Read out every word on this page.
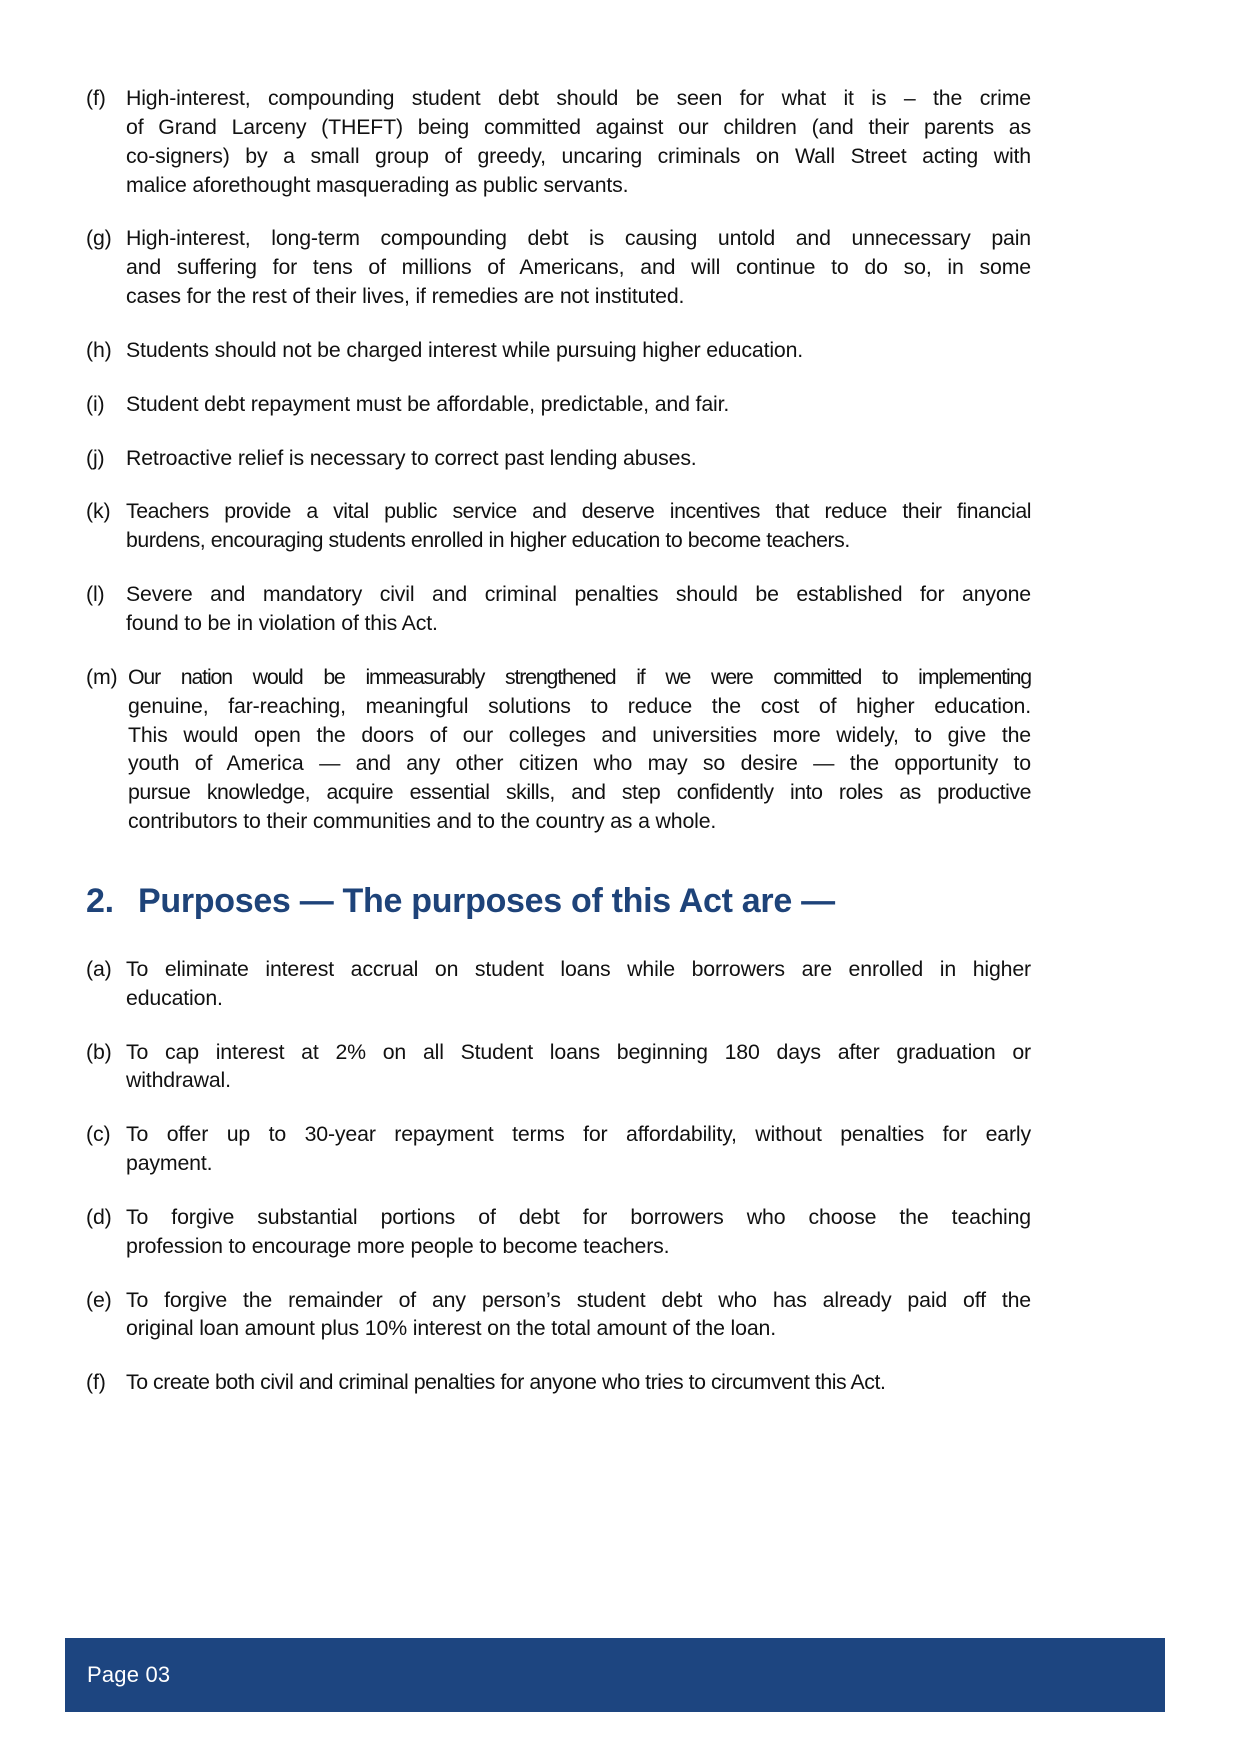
(f) High-interest, compounding student debt should be seen for what it is – the crime
of Grand Larceny (THEFT) being committed against our children (and their parents as
co-signers) by a small group of greedy, uncaring criminals on Wall Street acting with
malice aforethought masquerading as public servants.
(g) High-interest, long-term compounding debt is causing untold and unnecessary pain
and suffering for tens of millions of Americans, and will continue to do so, in some
cases for the rest of their lives, if remedies are not instituted.
(h) Students should not be charged interest while pursuing higher education.
(i)	Student debt repayment must be affordable, predictable, and fair.
(j)	Retroactive relief is necessary to correct past lending abuses.
(k) Teachers provide a vital public service and deserve incentives that reduce their financial
burdens, encouraging students enrolled in higher education to become teachers.
(l)	Severe and mandatory civil and criminal penalties should be established for anyone
found to be in violation of this Act.
(m) Our nation would be immeasurably strengthened if we were committed to implementing
genuine, far-reaching, meaningful solutions to reduce the cost of higher education.
This would open the doors of our colleges and universities more widely, to give the
youth of America — and any other citizen who may so desire — the opportunity to
pursue knowledge, acquire essential skills, and step confidently into roles as productive
contributors to their communities and to the country as a whole.
2. Purposes — The purposes of this Act are —
(a) To eliminate interest accrual on student loans while borrowers are enrolled in higher
education.
(b) To cap interest at 2% on all Student loans beginning 180 days after graduation or
withdrawal.
(c) To offer up to 30-year repayment terms for affordability, without penalties for early
payment.
(d) To forgive substantial portions of debt for borrowers who choose the teaching
profession to encourage more people to become teachers.
(e) To forgive the remainder of any person’s student debt who has already paid off the
original loan amount plus 10% interest on the total amount of the loan.
(f) To create both civil and criminal penalties for anyone who tries to circumvent this Act.
Page 03
